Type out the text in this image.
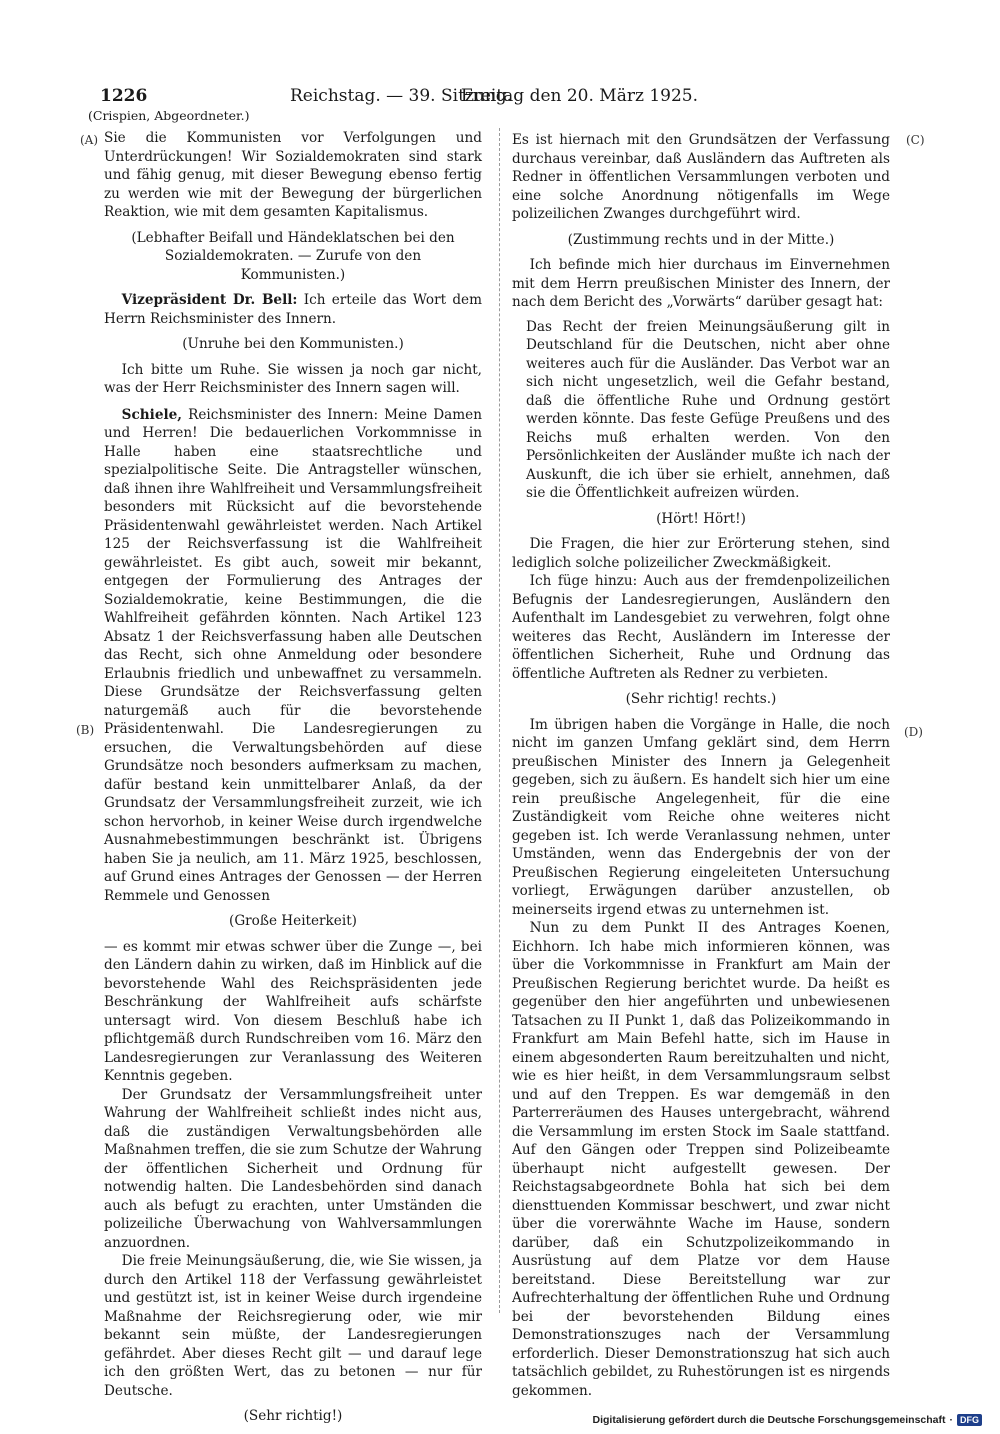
1226	Reichstag. — 39. Sitzung.
Freitag den 20. März 1925.
(Crispien, Abgeordneter.)
(A)
(B)
(C)
(D)

Sie die Kommunisten vor Verfolgungen und Unterdrückungen! Wir Sozialdemokraten sind stark und fähig genug, mit dieser Bewegung ebenso fertig zu werden wie mit der Bewegung der bürgerlichen Reaktion, wie mit dem gesamten Kapitalismus.

(Lebhafter Beifall und Händeklatschen bei den Sozialdemokraten. — Zurufe von den Kommunisten.)

Vizepräsident Dr. Bell: Ich erteile das Wort dem Herrn Reichsminister des Innern.

(Unruhe bei den Kommunisten.)

Ich bitte um Ruhe. Sie wissen ja noch gar nicht, was der Herr Reichsminister des Innern sagen will.

Schiele, Reichsminister des Innern: Meine Damen und Herren! Die bedauerlichen Vorkommnisse in Halle haben eine staatsrechtliche und spezialpolitische Seite. Die Antragsteller wünschen, daß ihnen ihre Wahlfreiheit und Versammlungsfreiheit besonders mit Rücksicht auf die bevorstehende Präsidentenwahl gewährleistet werden. Nach Artikel 125 der Reichsverfassung ist die Wahlfreiheit gewährleistet. Es gibt auch, soweit mir bekannt, entgegen der Formulierung des Antrages der Sozialdemokratie, keine Bestimmungen, die die Wahlfreiheit gefährden könnten. Nach Artikel 123 Absatz 1 der Reichsverfassung haben alle Deutschen das Recht, sich ohne Anmeldung oder besondere Erlaubnis friedlich und unbewaffnet zu versammeln. Diese Grundsätze der Reichsverfassung gelten naturgemäß auch für die bevorstehende Präsidentenwahl. Die Landesregierungen zu ersuchen, die Verwaltungsbehörden auf diese Grundsätze noch besonders aufmerksam zu machen, dafür bestand kein unmittelbarer Anlaß, da der Grundsatz der Versammlungsfreiheit zurzeit, wie ich schon hervorhob, in keiner Weise durch irgendwelche Ausnahmebestimmungen beschränkt ist. Übrigens haben Sie ja neulich, am 11. März 1925, beschlossen, auf Grund eines Antrages der Genossen — der Herren Remmele und Genossen

(Große Heiterkeit)

— es kommt mir etwas schwer über die Zunge —, bei den Ländern dahin zu wirken, daß im Hinblick auf die bevorstehende Wahl des Reichspräsidenten jede Beschränkung der Wahlfreiheit aufs schärfste untersagt wird. Von diesem Beschluß habe ich pflichtgemäß durch Rundschreiben vom 16. März den Landesregierungen zur Veranlassung des Weiteren Kenntnis gegeben.

Der Grundsatz der Versammlungsfreiheit unter Wahrung der Wahlfreiheit schließt indes nicht aus, daß die zuständigen Verwaltungsbehörden alle Maßnahmen treffen, die sie zum Schutze der Wahrung der öffentlichen Sicherheit und Ordnung für notwendig halten. Die Landesbehörden sind danach auch als befugt zu erachten, unter Umständen die polizeiliche Überwachung von Wahlversammlungen anzuordnen.

Die freie Meinungsäußerung, die, wie Sie wissen, ja durch den Artikel 118 der Verfassung gewährleistet und gestützt ist, ist in keiner Weise durch irgendeine Maßnahme der Reichsregierung oder, wie mir bekannt sein müßte, der Landesregierungen gefährdet. Aber dieses Recht gilt — und darauf lege ich den größten Wert, das zu betonen — nur für Deutsche.

(Sehr richtig!)

Es ist hiernach mit den Grundsätzen der Verfassung durchaus vereinbar, daß Ausländern das Auftreten als Redner in öffentlichen Versammlungen verboten und eine solche Anordnung nötigenfalls im Wege polizeilichen Zwanges durchgeführt wird.

(Zustimmung rechts und in der Mitte.)

Ich befinde mich hier durchaus im Einvernehmen mit dem Herrn preußischen Minister des Innern, der nach dem Bericht des „Vorwärts“ darüber gesagt hat:

Das Recht der freien Meinungsäußerung gilt in Deutschland für die Deutschen, nicht aber ohne weiteres auch für die Ausländer. Das Verbot war an sich nicht ungesetzlich, weil die Gefahr bestand, daß die öffentliche Ruhe und Ordnung gestört werden könnte. Das feste Gefüge Preußens und des Reichs muß erhalten werden. Von den Persönlichkeiten der Ausländer mußte ich nach der Auskunft, die ich über sie erhielt, annehmen, daß sie die Öffentlichkeit aufreizen würden.

(Hört! Hört!)

Die Fragen, die hier zur Erörterung stehen, sind lediglich solche polizeilicher Zweckmäßigkeit.

Ich füge hinzu: Auch aus der fremdenpolizeilichen Befugnis der Landesregierungen, Ausländern den Aufenthalt im Landesgebiet zu verwehren, folgt ohne weiteres das Recht, Ausländern im Interesse der öffentlichen Sicherheit, Ruhe und Ordnung das öffentliche Auftreten als Redner zu verbieten.

(Sehr richtig! rechts.)

Im übrigen haben die Vorgänge in Halle, die noch nicht im ganzen Umfang geklärt sind, dem Herrn preußischen Minister des Innern ja Gelegenheit gegeben, sich zu äußern. Es handelt sich hier um eine rein preußische Angelegenheit, für die eine Zuständigkeit vom Reiche ohne weiteres nicht gegeben ist. Ich werde Veranlassung nehmen, unter Umständen, wenn das Endergebnis der von der Preußischen Regierung eingeleiteten Untersuchung vorliegt, Erwägungen darüber anzustellen, ob meinerseits irgend etwas zu unternehmen ist.

Nun zu dem Punkt II des Antrages Koenen, Eichhorn. Ich habe mich informieren können, was über die Vorkommnisse in Frankfurt am Main der Preußischen Regierung berichtet wurde. Da heißt es gegenüber den hier angeführten und unbewiesenen Tatsachen zu II Punkt 1, daß das Polizeikommando in Frankfurt am Main Befehl hatte, sich im Hause in einem abgesonderten Raum bereitzuhalten und nicht, wie es hier heißt, in dem Versammlungsraum selbst und auf den Treppen. Es war demgemäß in den Parterreräumen des Hauses untergebracht, während die Versammlung im ersten Stock im Saale stattfand. Auf den Gängen oder Treppen sind Polizeibeamte überhaupt nicht aufgestellt gewesen. Der Reichstagsabgeordnete Bohla hat sich bei dem diensttuenden Kommissar beschwert, und zwar nicht über die vorerwähnte Wache im Hause, sondern darüber, daß ein Schutzpolizeikommando in Ausrüstung auf dem Platze vor dem Hause bereitstand. Diese Bereitstellung war zur Aufrechterhaltung der öffentlichen Ruhe und Ordnung bei der bevorstehenden Bildung eines Demonstrationszuges nach der Versammlung erforderlich. Dieser Demonstrationszug hat sich auch tatsächlich gebildet, zu Ruhestörungen ist es nirgends gekommen.

Digitalisierung gefördert durch die Deutsche Forschungsgemeinschaft · DFG
